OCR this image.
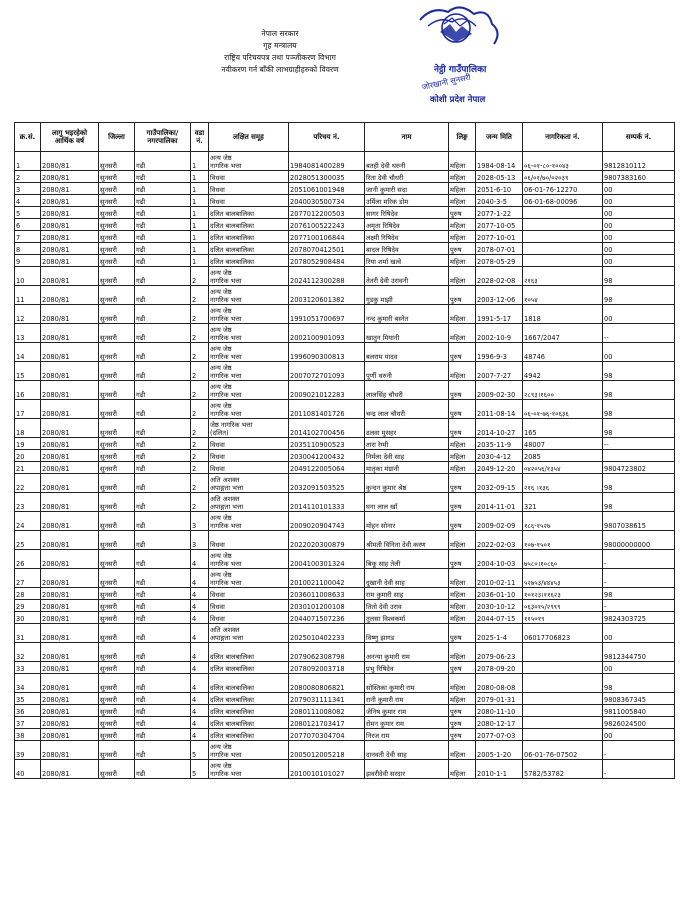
नेपाल सरकार
गृह मन्त्रालय
राष्ट्रिय परिचयपत्र तथा पञ्जीकरण विभाग
नवीकरण गर्न बाँकी लाभग्राहीहरुको विवरण	नेट्ठी गाउँपालिका
जोरखानी सुनसरी
कोशी प्रदेश नेपाल
क्र.सं.	लागु भइरहेको आर्थिक वर्ष	जिल्ला	गाउँपालिका/नगरपालिका	वडा नं.	लक्षित समूह	परिचय नं.	नाम	लिङ्ग	जन्म मिति	नागरिकता नं.	सम्पर्क नं.
1	2080/81	सुनसरी	गढी	1	अन्य जेष्ठ
नागरिक भत्ता	1984081400289	बतही देवी थरुनी	महिला	1984-08-14	०६-०१-८०-१००४३	9812810112
2	2080/81	सुनसरी	गढी	1	विधवा	2028051300035	रिता देवी चौधरी	महिला	2028-05-13	०६/०१/७०/०२०३९	9807383160
3	2080/81	सुनसरी	गढी	1	विधवा	2051061001948	जानी कुमारी सदा	महिला	2051-6-10	06-01-76-12270	00
4	2080/81	सुनसरी	गढी	1	विधवा	2040030500734	उर्मिला मरिक डोम	महिला	2040-3-5	06-01-68-00096	00
5	2080/81	सुनसरी	गढी	1	दलित बालबालिका	2077012200503	सागर रिषिदेव	पुरुष	2077-1-22		00
6	2080/81	सुनसरी	गढी	1	दलित बालबालिका	2076100522243	अमृता रिषिदेव	महिला	2077-10-05		00
7	2080/81	सुनसरी	गढी	1	दलित बालबालिका	2077100106844	लक्ष्मी रिषिदेव	महिला	2077-10-01		00
8	2080/81	सुनसरी	गढी	1	दलित बालबालिका	2078070412501	बादल रिषिदेव	पुरुष	2078-07-01		00
9	2080/81	सुनसरी	गढी	1	दलित बालबालिका	2078052908484	रिया शर्मा खत्वे	महिला	2078-05-29		00
10	2080/81	सुनसरी	गढी	2	अन्य जेष्ठ
नागरिक भत्ता	2024112300288	तेतरी देवी उरावनी	महिला	2028-02-08	२१६३	98
11	2080/81	सुनसरी	गढी	2	अन्य जेष्ठ
नागरिक भत्ता	2003120601382	गुडकु माझी	पुरुष	2003-12-06	१०५४	98
12	2080/81	सुनसरी	गढी	2	अन्य जेष्ठ
नागरिक भत्ता	1991051700697	नन्द कुमारी बस्नेत	महिला	1991-5-17	1818	00
13	2080/81	सुनसरी	गढी	2	अन्य जेष्ठ
नागरिक भत्ता	2002100901093	खातुन मियानी	महिला	2002-10-9	1667/2047	--
14	2080/81	सुनसरी	गढी	2	अन्य जेष्ठ
नागरिक भत्ता	1996090300813	बलराम यादव	पुरुष	1996-9-3	48746	00
15	2080/81	सुनसरी	गढी	2	अन्य जेष्ठ
नागरिक भत्ता	2007072701093	पूर्णी थरुनी	महिला	2007-7-27	4942	98
16	2080/81	सुनसरी	गढी	2	अन्य जेष्ठ
नागरिक भत्ता	2009021012283	लालसिंह चौधरी	पुरुष	2009-02-30	२८९३।१६००	98
17	2080/81	सुनसरी	गढी	2	अन्य जेष्ठ
नागरिक भत्ता	2011081401726	चन्द्र लाल चौधरी	पुरुष	2011-08-14	०६-०१-७६-१०६३६	98
18	2080/81	सुनसरी	गढी	2	जेष्ठ नागरिक भत्ता
(दलित)	2014102700456	ढलवा मुसहर	पुरुष	2014-10-27	165	98
19	2080/81	सुनसरी	गढी	2	विधवा	2035110900523	तारा रेग्मी	महिला	2035-11-9	48007	--
20	2080/81	सुनसरी	गढी	2	विधवा	2030041200432	निर्मला देवी साह	महिला	2030-4-12	2085	
21	2080/81	सुनसरी	गढी	2	विधवा	2049122005064	मातृका मंग्रानी	महिला	2049-12-20	०४२०५६/१३५४	9804723802
22	2080/81	सुनसरी	गढी	2	अति अशक्त
अपाङ्गता भत्ता	2032091503525	कुन्दन कुमार श्रेष्ठ	पुरुष	2032-09-15	२१६ ।१३६	98
23	2080/81	सुनसरी	गढी	2	अति अशक्त
अपाङ्गता भत्ता	2014110101333	घना लाल खाँ	पुरुष	2014-11-01	321	98
24	2080/81	सुनसरी	गढी	3	अन्य जेष्ठ
नागरिक भत्ता	2009020904743	मोहन सोनार	पुरुष	2009-02-09	१८६-१५२७	9807038615
25	2080/81	सुनसरी	गढी	3	विधवा	2022020300879	श्रीमती विनिता देवी करण	महिला	2022-02-03	१०७-१५०१	98000000000
26	2080/81	सुनसरी	गढी	4	अन्य जेष्ठ
नागरिक भत्ता	2004100301324	बिकू साह तेली	पुरुष	2004-10-03	७५८०।१०८६०	-
27	2080/81	सुनसरी	गढी	4	अन्य जेष्ठ
नागरिक भत्ता	2010021100042	दुखानी देवी साह	महिला	2010-02-11	५२७५३/४४४५३	-
28	2080/81	सुनसरी	गढी	4	विधवा	2036011008633	राम कुमारी साह	महिला	2036-01-10	१०१२३।११६२३	98
29	2080/81	सुनसरी	गढी	4	विधवा	2030101200108	तितो देवी उराव	महिला	2030-10-12	०६३०१५/२९९९	-
30	2080/81	सुनसरी	गढी	4	विधवा	2044071507236	तुलसा विश्वकर्मा	महिला	2044-07-15	११५०१९	9824303725
31	2080/81	सुनसरी	गढी	4	अति अशक्त
अपाङ्गता भत्ता	2025010402233	विष्णु झागड	पुरुष	2025-1-4	06017706823	00
32	2080/81	सुनसरी	गढी	4	दलित बालबालिका	2079062308798	अनन्या कुमारी राम	महिला	2079-06-23		9812344750
33	2080/81	सुनसरी	गढी	4	दलित बालबालिका	2078092003718	प्रभु रिषिदेव	पुरुष	2078-09-20		00
34	2080/81	सुनसरी	गढी	4	दलित बालबालिका	2080080806821	सोस्तिका कुमारी राम	महिला	2080-08-08		98
35	2080/81	सुनसरी	गढी	4	दलित बालबालिका	2079031111341	रानी कुमारी राम	महिला	2079-01-31		9808367345
36	2080/81	सुनसरी	गढी	4	दलित बालबालिका	2080111008082	जेनिष कुमार राम	पुरुष	2080-11-10		9811005840
37	2080/81	सुनसरी	गढी	4	दलित बालबालिका	2080121703417	रोमन कुमार राम	पुरुष	2080-12-17		9826024500
38	2080/81	सुनसरी	गढी	4	दलित बालबालिका	2077070304704	निरज राम	पुरुष	2077-07-03		00
39	2080/81	सुनसरी	गढी	5	अन्य जेष्ठ
नागरिक भत्ता	2005012005218	दानवती देवी साह	महिला	2005-1-20	06-01-76-07502	-
40	2080/81	सुनसरी	गढी	5	अन्य जेष्ठ
नागरिक भत्ता	2010010101027	झवरीदेवी सरदार	महिला	2010-1-1	5782/53782	-
